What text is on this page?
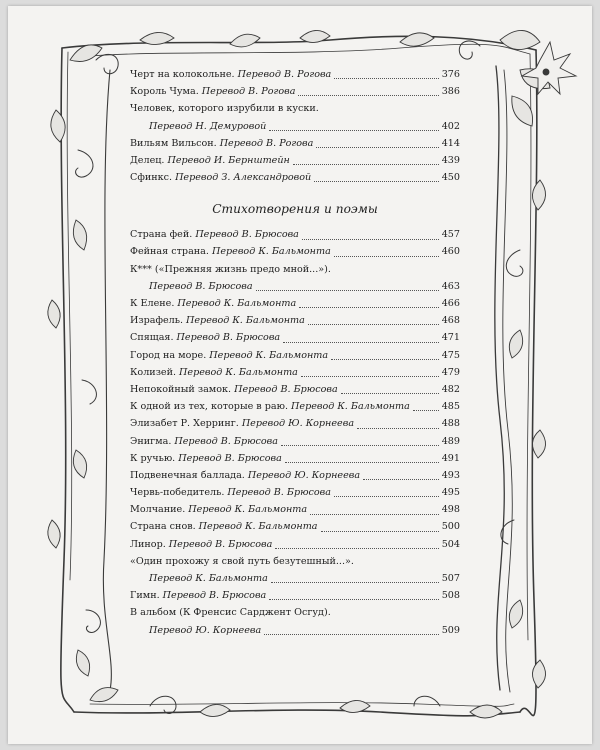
Черт на колокольне. Перевод В. Рогова	376
Король Чума. Перевод В. Рогова	386
Человек, которого изрубили в куски.
Перевод Н. Демуровой	402
Вильям Вильсон. Перевод В. Рогова	414
Делец. Перевод И. Бернштейн	439
Сфинкс. Перевод З. Александровой	450
Стихотворения и поэмы
Страна фей. Перевод В. Брюсова	457
Фейная страна. Перевод К. Бальмонта	460
К*** («Прежняя жизнь предо мной...»).
Перевод В. Брюсова	463
К Елене. Перевод К. Бальмонта	466
Израфель. Перевод К. Бальмонта	468
Спящая. Перевод В. Брюсова	471
Город на море. Перевод К. Бальмонта	475
Колизей. Перевод К. Бальмонта	479
Непокойный замок. Перевод В. Брюсова	482
К одной из тех, которые в раю. Перевод К. Бальмонта	485
Элизабет Р. Херринг. Перевод Ю. Корнеева	488
Энигма. Перевод В. Брюсова	489
К ручью. Перевод В. Брюсова	491
Подвенечная баллада. Перевод Ю. Корнеева	493
Червь-победитель. Перевод В. Брюсова	495
Молчание. Перевод К. Бальмонта	498
Страна снов. Перевод К. Бальмонта	500
Линор. Перевод В. Брюсова	504
«Один прохожу я свой путь безутешный...».
Перевод К. Бальмонта	507
Гимн. Перевод В. Брюсова	508
В альбом (К Френсис Сарджент Осгуд).
Перевод Ю. Корнеева	509
